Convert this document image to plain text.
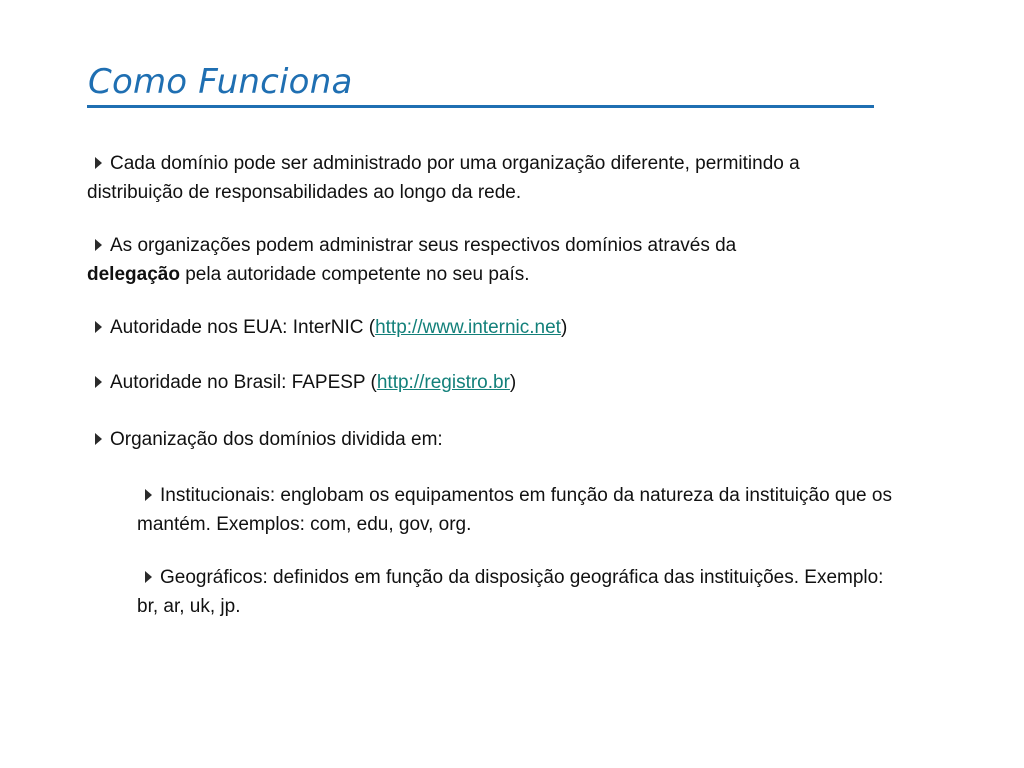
Como Funciona

Cada domínio pode ser administrado por uma organização diferente, permitindo a distribuição de responsabilidades ao longo da rede.

As organizações podem administrar seus respectivos domínios através da
delegação pela autoridade competente no seu país.

Autoridade nos EUA: InterNIC (http://www.internic.net)

Autoridade no Brasil: FAPESP (http://registro.br)

Organização dos domínios dividida em:

Institucionais: englobam os equipamentos em função da natureza da instituição que os mantém. Exemplos: com, edu, gov, org.

Geográficos: definidos em função da disposição geográfica das instituições. Exemplo: br, ar, uk, jp.
